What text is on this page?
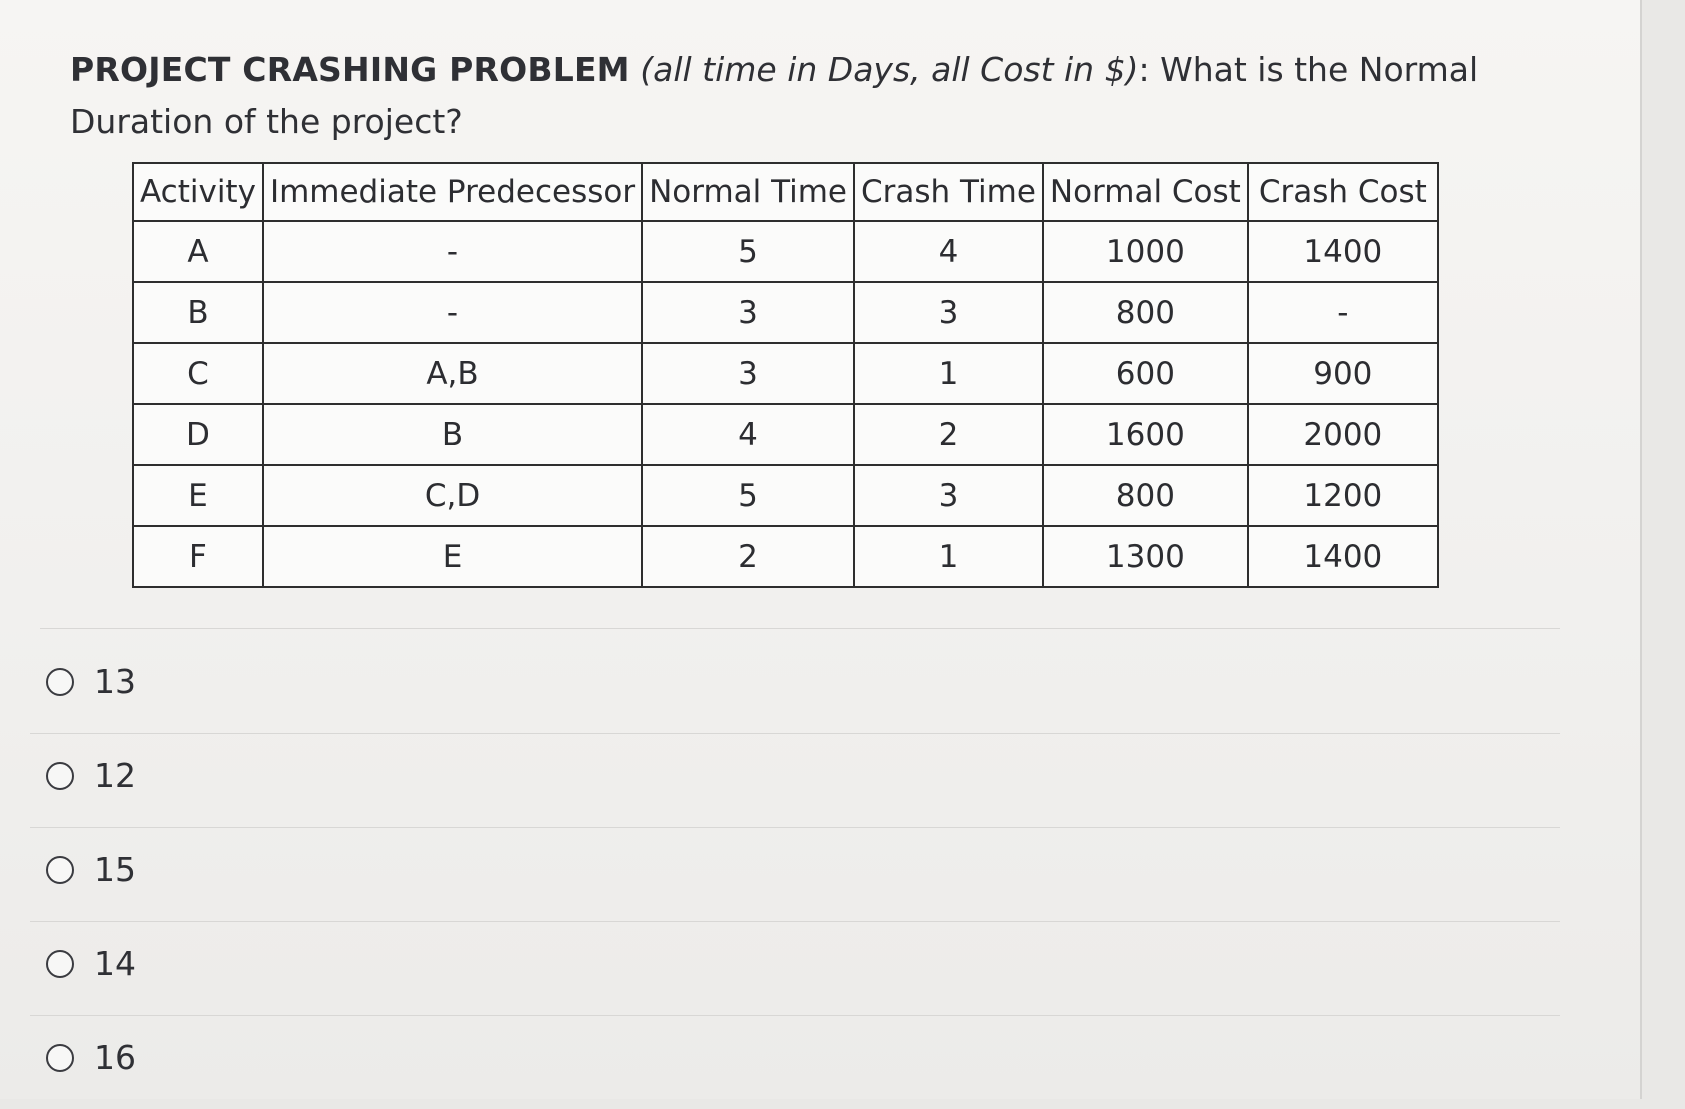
PROJECT CRASHING PROBLEM (all time in Days, all Cost in $): What is the Normal Duration of the project?
Activity	Immediate Predecessor	Normal Time	Crash Time	Normal Cost	Crash Cost
A	-	5	4	1000	1400
B	-	3	3	800	-
C	A,B	3	1	600	900
D	B	4	2	1600	2000
E	C,D	5	3	800	1200
F	E	2	1	1300	1400
13
12
15
14
16
